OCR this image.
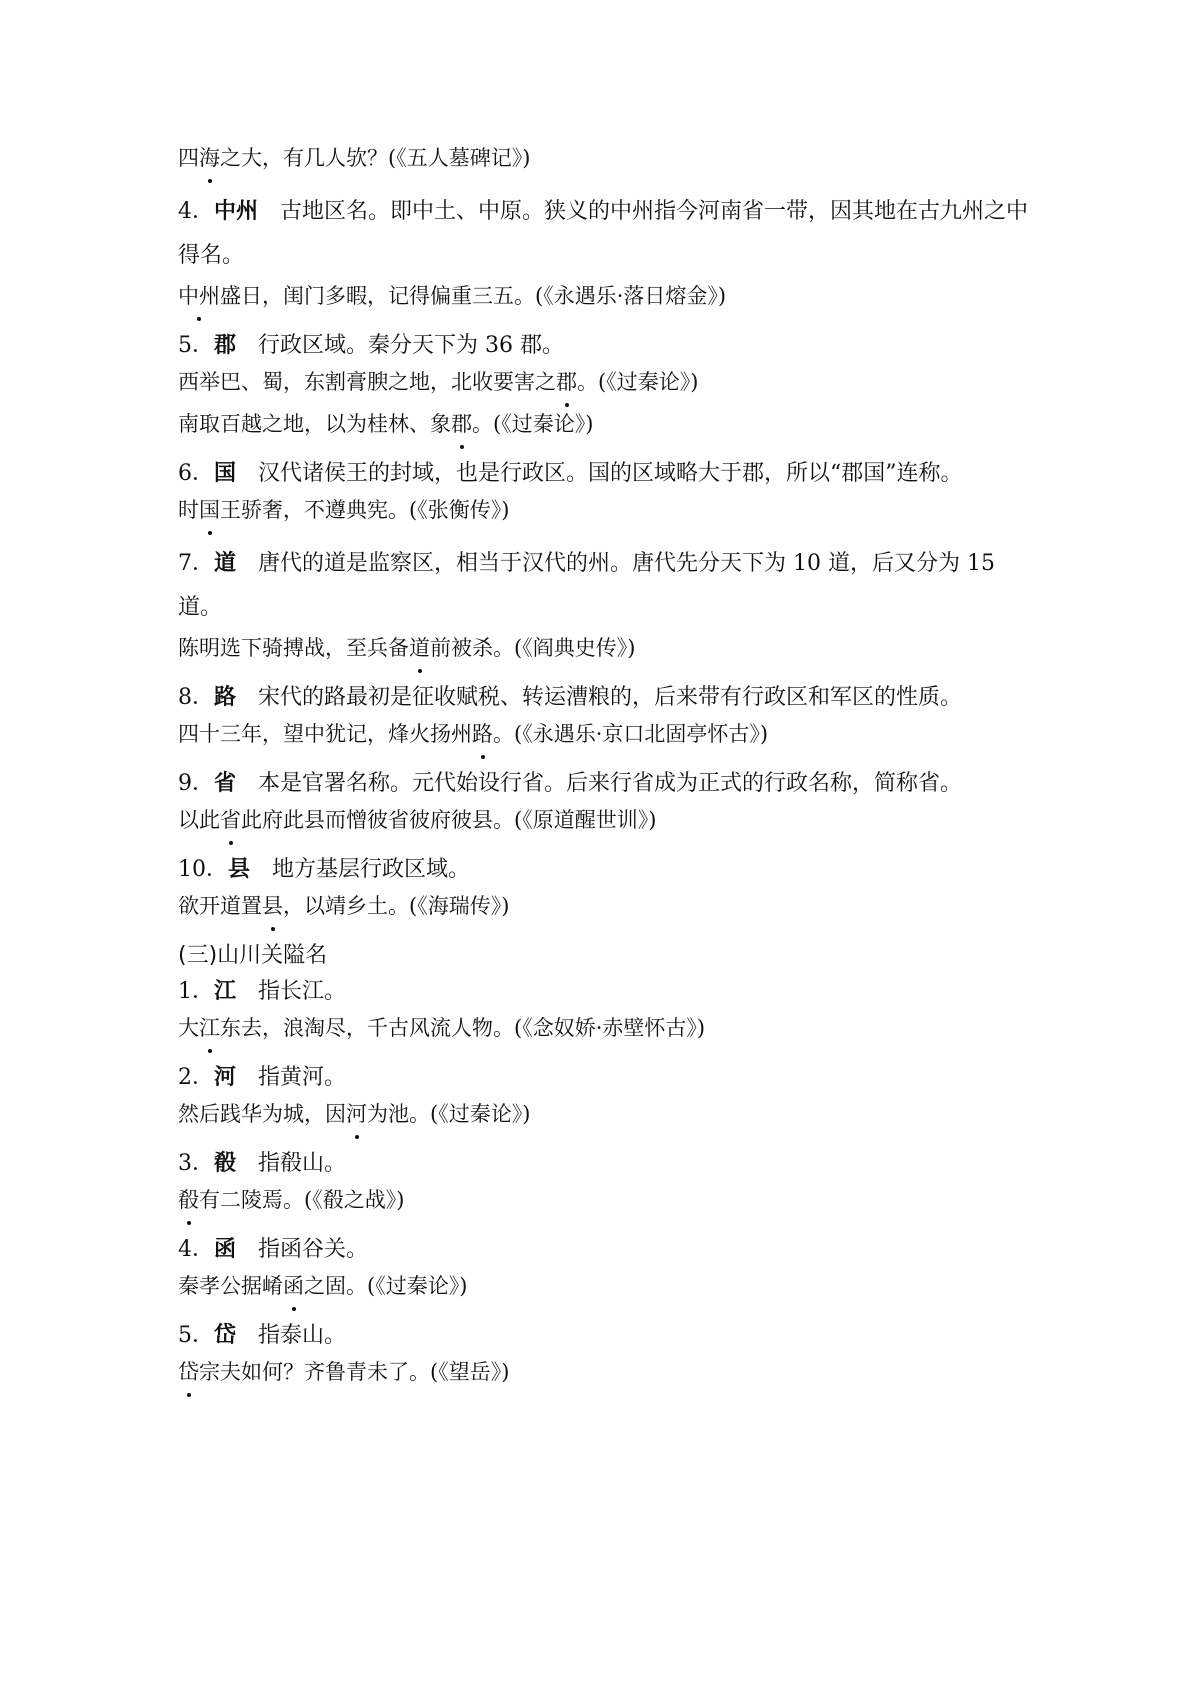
四海之大，有几人欤？(《五人墓碑记》)

4．中州 古地区名。即中土、中原。狭义的中州指今河南省一带，因其地在古九州之中得名。

中州盛日，闺门多暇，记得偏重三五。(《永遇乐·落日熔金》)

5．郡 行政区域。秦分天下为 36 郡。

西举巴、蜀，东割膏腴之地，北收要害之郡。(《过秦论》)

南取百越之地，以为桂林、象郡。(《过秦论》)

6．国 汉代诸侯王的封域，也是行政区。国的区域略大于郡，所以“郡国”连称。

时国王骄奢，不遵典宪。(《张衡传》)

7．道 唐代的道是监察区，相当于汉代的州。唐代先分天下为 10 道，后又分为 15 道。

陈明选下骑搏战，至兵备道前被杀。(《阎典史传》)

8．路 宋代的路最初是征收赋税、转运漕粮的，后来带有行政区和军区的性质。

四十三年，望中犹记，烽火扬州路。(《永遇乐·京口北固亭怀古》)

9．省 本是官署名称。元代始设行省。后来行省成为正式的行政名称，简称省。

以此省此府此县而憎彼省彼府彼县。(《原道醒世训》)

10．县 地方基层行政区域。

欲开道置县，以靖乡土。(《海瑞传》)

(三)山川关隘名

1．江 指长江。

大江东去，浪淘尽，千古风流人物。(《念奴娇·赤壁怀古》)

2．河 指黄河。

然后践华为城，因河为池。(《过秦论》)

3．殽 指殽山。

殽有二陵焉。(《殽之战》)

4．函 指函谷关。

秦孝公据崤函之固。(《过秦论》)

5．岱 指泰山。

岱宗夫如何？齐鲁青未了。(《望岳》)
